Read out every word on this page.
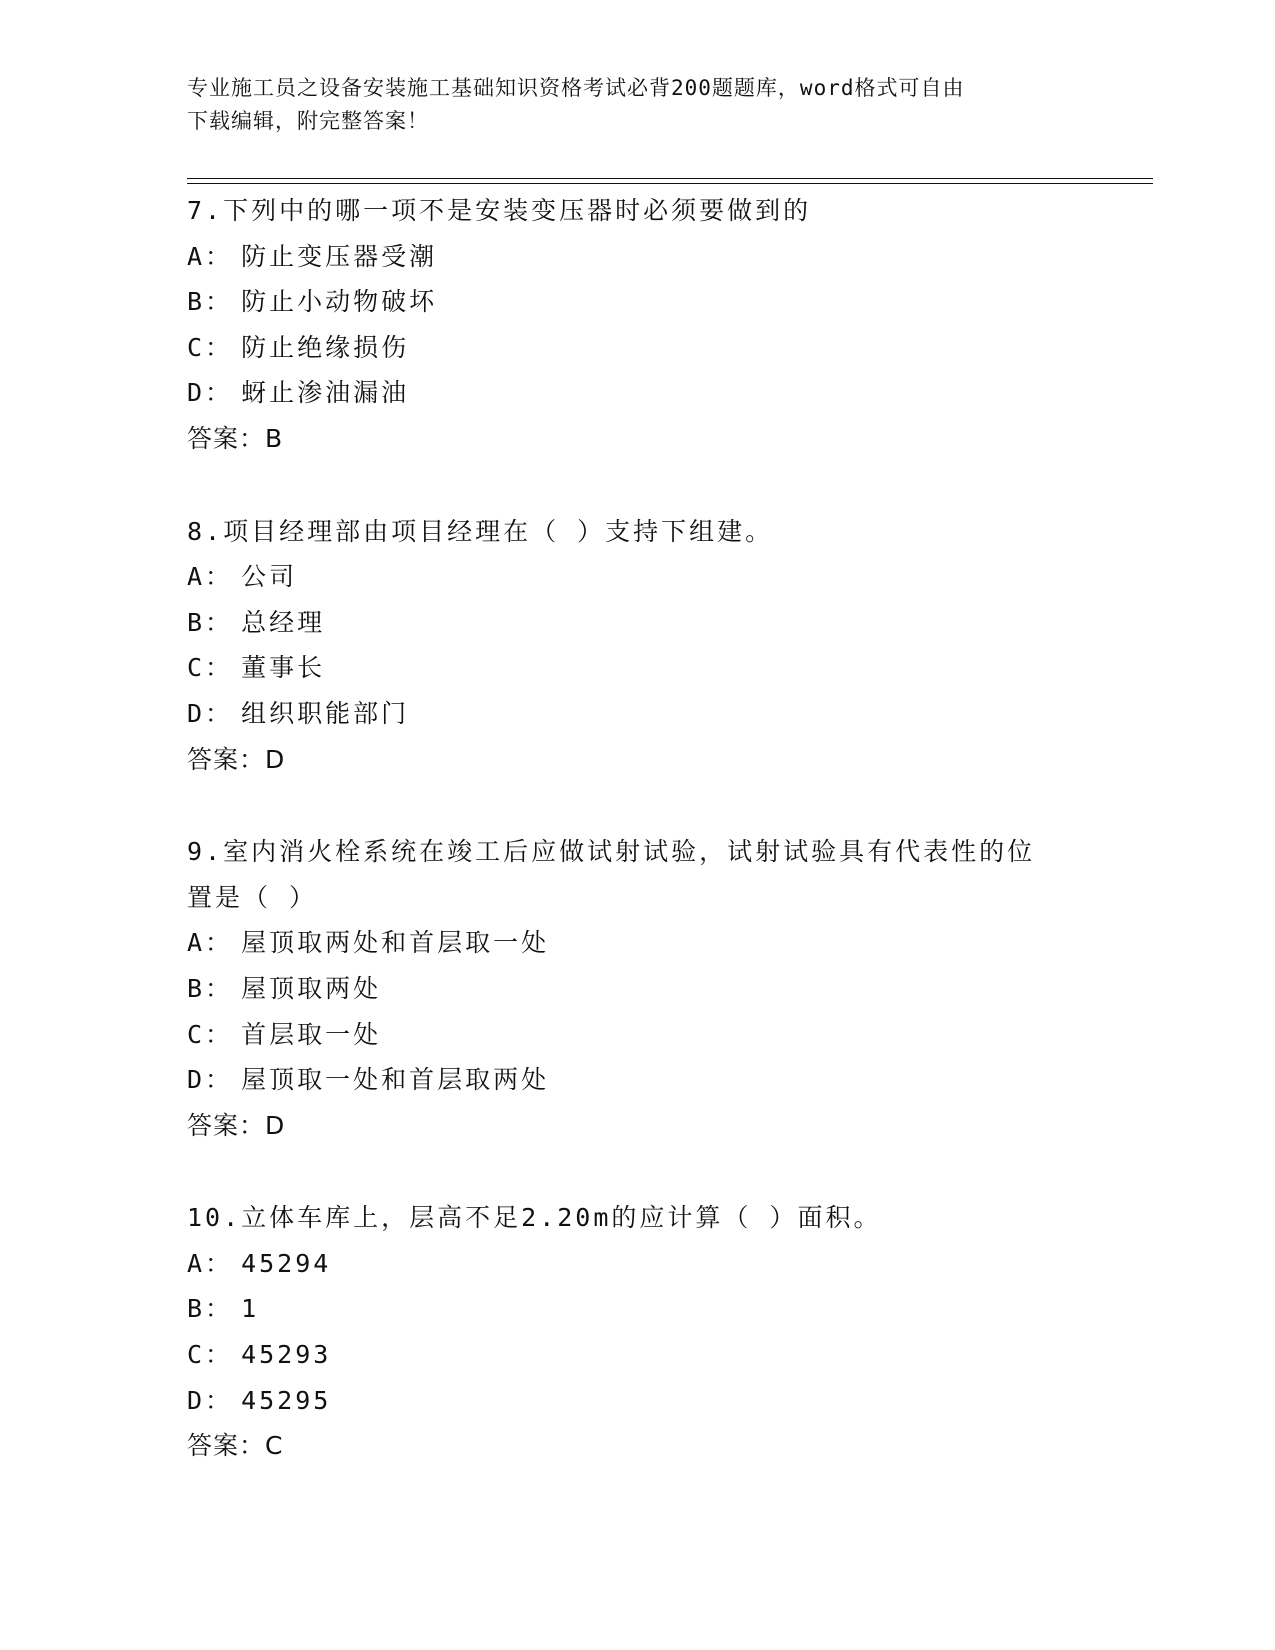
专业施工员之设备安装施工基础知识资格考试必背200题题库，word格式可自由
下载编辑，附完整答案！
7.下列中的哪一项不是安装变压器时必须要做到的
A： 防止变压器受潮
B： 防止小动物破坏
C： 防止绝缘损伤
D： 蚜止渗油漏油
答案：B
8.项目经理部由项目经理在（ ）支持下组建。
A： 公司
B： 总经理
C： 董事长
D： 组织职能部门
答案：D
9.室内消火栓系统在竣工后应做试射试验，试射试验具有代表性的位置是（ ）
A： 屋顶取两处和首层取一处
B： 屋顶取两处
C： 首层取一处
D： 屋顶取一处和首层取两处
答案：D
10.立体车库上，层高不足2.20m的应计算（ ）面积。
A： 45294
B： 1
C： 45293
D： 45295
答案：C
